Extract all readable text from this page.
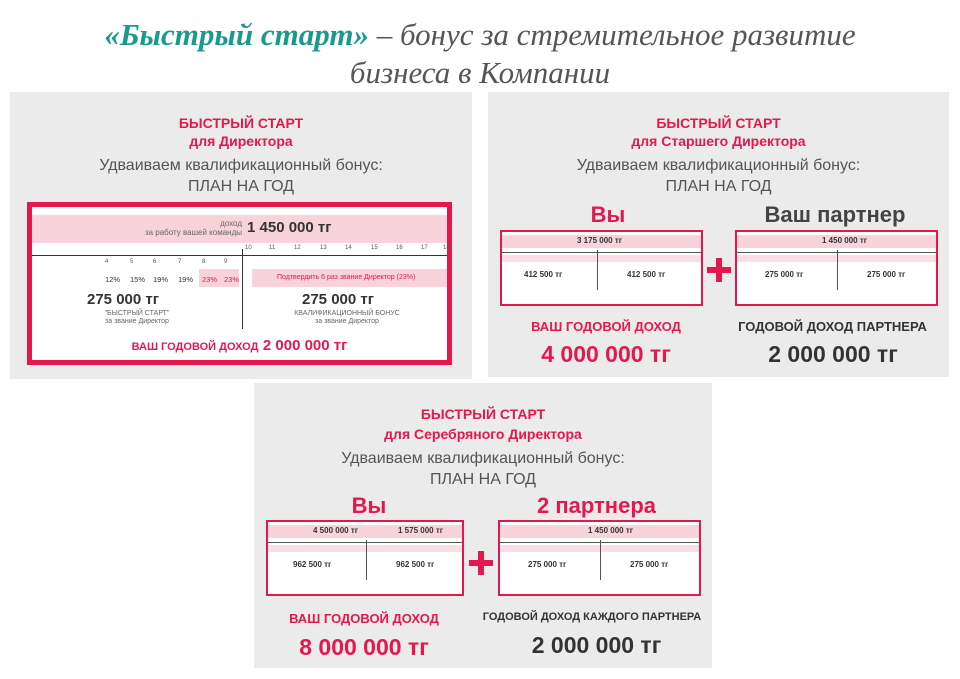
«Быстрый старт» – бонус за стремительное развитие
бизнеса в Компании
БЫСТРЫЙ СТАРТ
для Директора
Удваиваем квалификационный бонус:
ПЛАН НА ГОД
доход
за работу вашей команды 1 450 000 тг
4	5	6	7	8	9
10	11	12	13	14	15	16	17	18
12% 15% 19% 19% 23% 23%	Подтвердить 6 раз звание Директор (23%)
275 000 тг
"БЫСТРЫЙ СТАРТ"
за звание Директор
275 000 тг
КВАЛИФИКАЦИОННЫЙ БОНУС
за звание Директор
ВАШ ГОДОВОЙ ДОХОД 2 000 000 тг
БЫСТРЫЙ СТАРТ
для Старшего Директора
Удваиваем квалификационный бонус:
ПЛАН НА ГОД
Вы	Ваш партнер
3 175 000 тг
412 500 тг	412 500 тг
1 450 000 тг
275 000 тг	275 000 тг
ВАШ ГОДОВОЙ ДОХОД
4 000 000 тг
ГОДОВОЙ ДОХОД ПАРТНЕРА
2 000 000 тг
БЫСТРЫЙ СТАРТ
для Серебряного Директора
Удваиваем квалификационный бонус:
ПЛАН НА ГОД
Вы	2 партнера
4 500 000 тг	1 575 000 тг
962 500 тг	962 500 тг
1 450 000 тг
275 000 тг	275 000 тг
ВАШ ГОДОВОЙ ДОХОД
8 000 000 тг
ГОДОВОЙ ДОХОД КАЖДОГО ПАРТНЕРА
2 000 000 тг
